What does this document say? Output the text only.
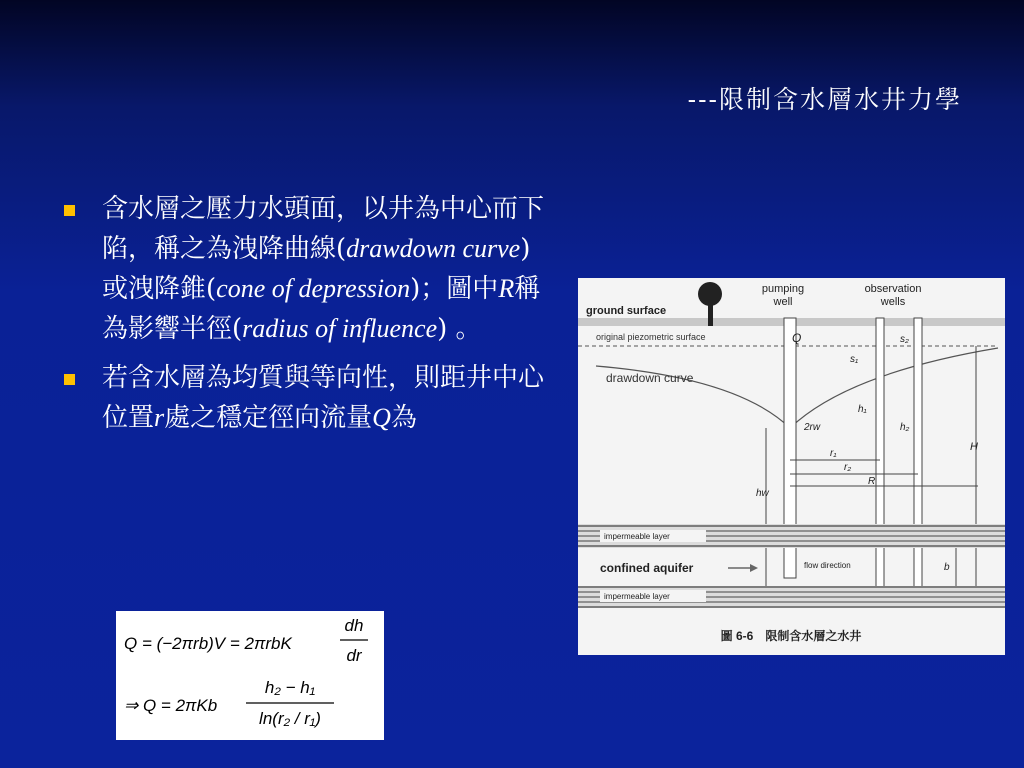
---限制含水層水井力學
含水層之壓力水頭面，以井為中心而下陷，稱之為洩降曲線(drawdown curve)或洩降錐(cone of depression)；圖中R稱為影響半徑(radius of influence) 。
若含水層為均質與等向性，則距井中心位置r處之穩定徑向流量Q為
Q = (−2πrb)V = 2πrbK
dh
dr
⇒ Q = 2πKb
h₂ − h₁
ln(r₂ / r₁)
ground surface
pumping
well
observation
wells
original piezometric surface
drawdown curve
Q
s₁
s₂
h₁
h₂
2rw
r₁
r₂
R
H
hw
impermeable layer
confined aquifer	flow direction	b
impermeable layer
圖 6-6　限制含水層之水井
